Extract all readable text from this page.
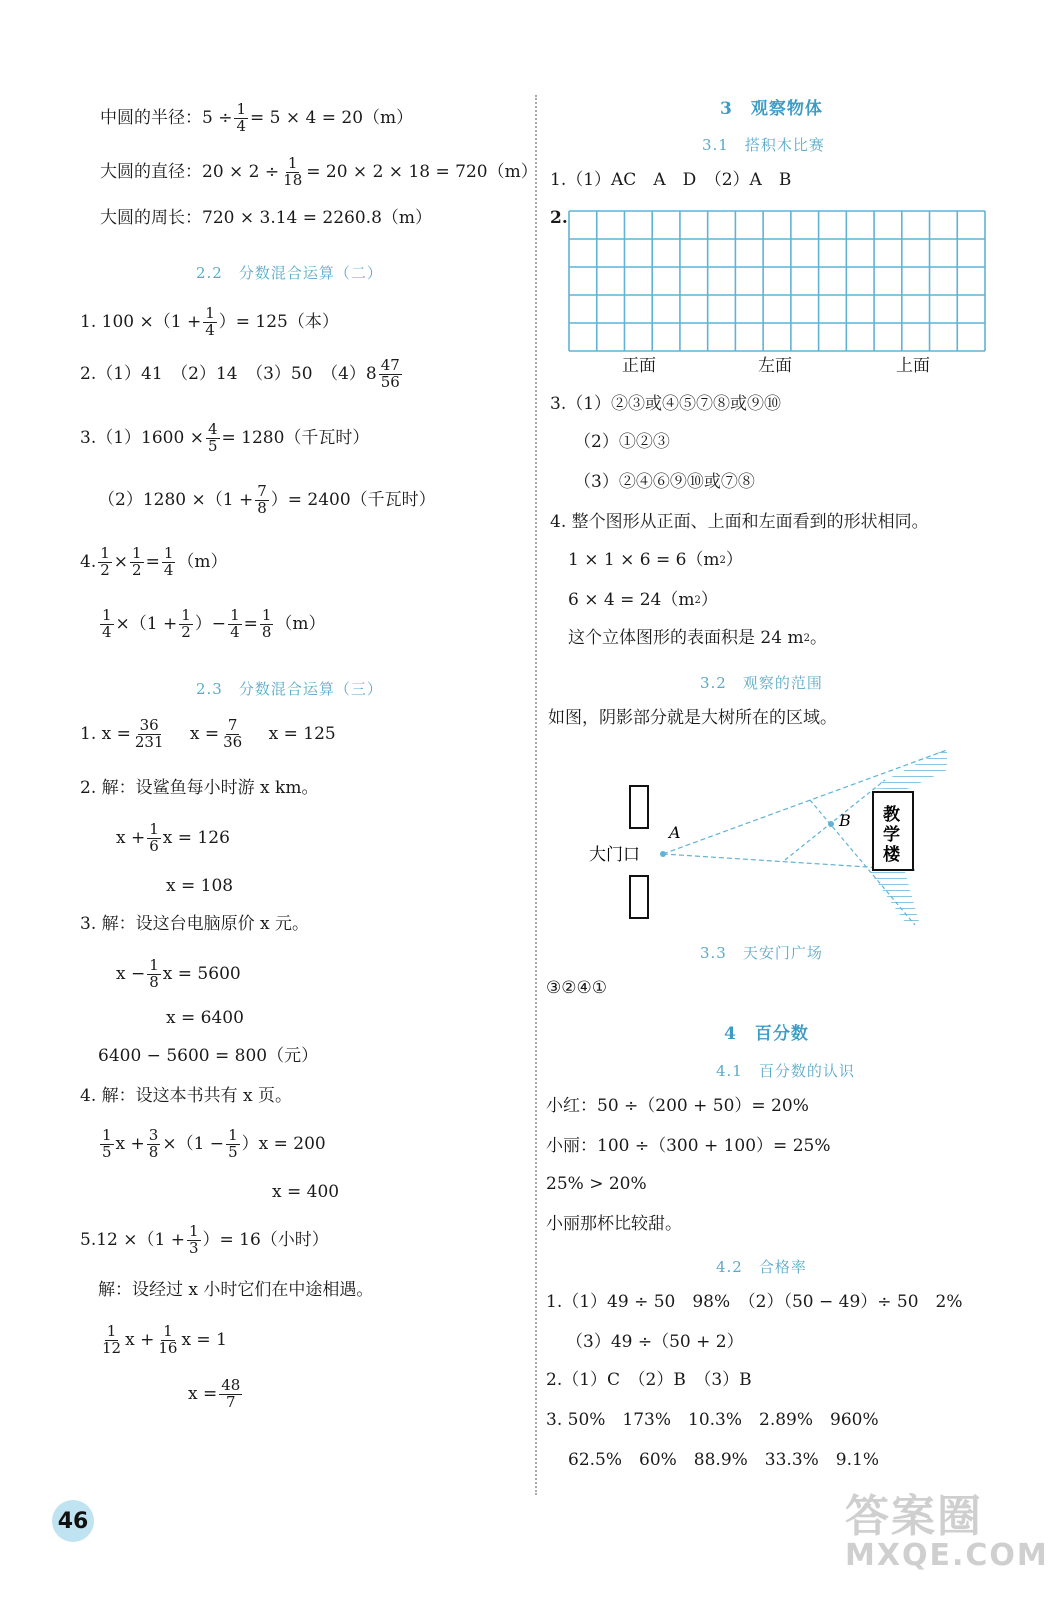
中圆的半径：$5 \div \frac{1}{4} = 5 \times 4 = 20(m)$
大圆的直径：$20 \times 2 \div \frac{1}{18} = 20 \times 2 \times 18 = 720(m)$
大圆的周长：720 × 3.14 = 2260.8（m）
2.2　分数混合运算（二）
1. $100 \times(1 + \frac{1}{4}$ ）= 125（本）
2.（1）41　（2）14　（3）50　（4）8 47
56
$3.(1)1600 \times \frac{4}{5} = 1280$（千瓦时）
$(2)1280 \times(1 + \frac{7}{8}$ ）= 2400（千瓦时）
4. $\frac{1}{2} \times \frac{1}{2} = \frac{1}{4} (m)$
$\frac{1}{4} \times(1 + \frac{1}{2}$ ）− $\frac{1}{4} = \frac{1}{8} (m)$
2.3　分数混合运算（三）
1. $x = \frac{36}{231}$ 　 $x = \frac{7}{36}$ 　 x = 125
2. 解：设鲨鱼每小时游 x km。
$x + \frac{1}{6}$ x = 126
x = 108
3. 解：设这台电脑原价 x 元。
$x - \frac{1}{8}$ x = 5600
x = 6400
6400 − 5600 = 800（元）
4. 解：设这本书共有 x 页。
1
5 $x + \frac{3}{8} \times(1 - \frac{1}{5} )x = 200$
x = 400
$5.12 \times(1 + \frac{1}{3}$ ）= 16（小时）
解：设经过 x 小时它们在中途相遇。
1
12 $x + \frac{1}{16}$ x = 1
$x = \frac{48}{7}$
3　观察物体
3.1　搭积木比赛
1.（1）AC　A　D　（2）A　B
2.
正面	左面	上面
3.（1）②③或④⑤⑦⑧或⑨⑩
（2）①②③
（3）②④⑥⑨⑩或⑦⑧
4. 整个图形从正面、上面和左面看到的形状相同。
1 × 1 × 6 = 6（m 2 ）
6 × 4 = 24（m 2 ）
这个立体图形的表面积是 24 m 2 。
3.2　观察的范围
如图，阴影部分就是大树所在的区域。
A
B 教
学
楼
大门口
3.3　天安门广场
③②④①
4　百分数
4.1　百分数的认识
小红：50 ÷（200 + 50）= 20%
小丽：100 ÷（300 + 100）= 25%
25% > 20%
小丽那杯比较甜。
4.2　合格率
1.（1）49 ÷ 50　98%　（2）（50 − 49）÷ 50　2%
（3）49 ÷（50 + 2）
2.（1）C　（2）B　（3）B
3. 50%　173%　10.3%　2.89%　960%
62.5%　60%　88.9%　33.3%　9.1%
46	答案圈
MXQE.COM
